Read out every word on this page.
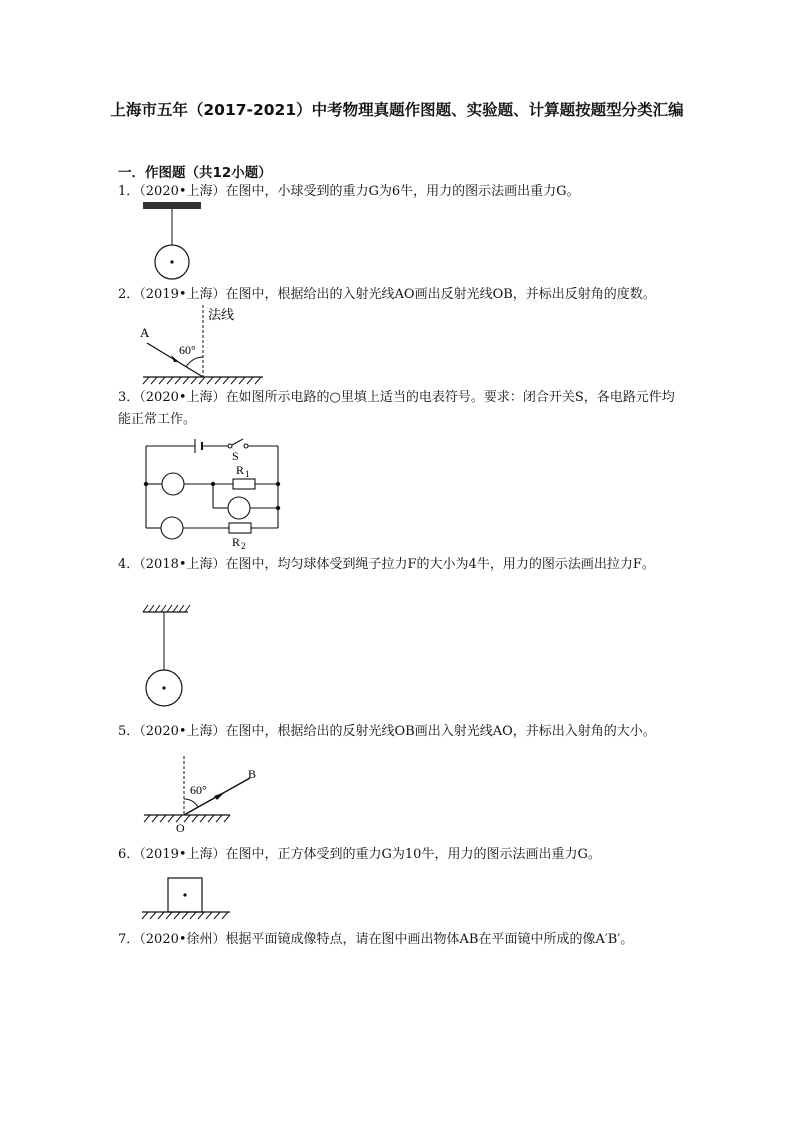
上海市五年（2017-2021）中考物理真题作图题、实验题、计算题按题型分类汇编
一．作图题（共12小题）
1．（2020•上海）在图中，小球受到的重力G为6牛，用力的图示法画出重力G。
2．（2019•上海）在图中，根据给出的入射光线AO画出反射光线OB，并标出反射角的度数。
法线
A
60°
3．（2020•上海）在如图所示电路的○里填上适当的电表符号。要求：闭合开关S，各电路元件均能正常工作。
S
R 1
R 2
4．（2018•上海）在图中，均匀球体受到绳子拉力F的大小为4牛，用力的图示法画出拉力F。
5．（2020•上海）在图中，根据给出的反射光线OB画出入射光线AO，并标出入射角的大小。
60°
B
O
6．（2019•上海）在图中，正方体受到的重力G为10牛，用力的图示法画出重力G。
7．（2020•徐州）根据平面镜成像特点，请在图中画出物体AB在平面镜中所成的像A′B′。
